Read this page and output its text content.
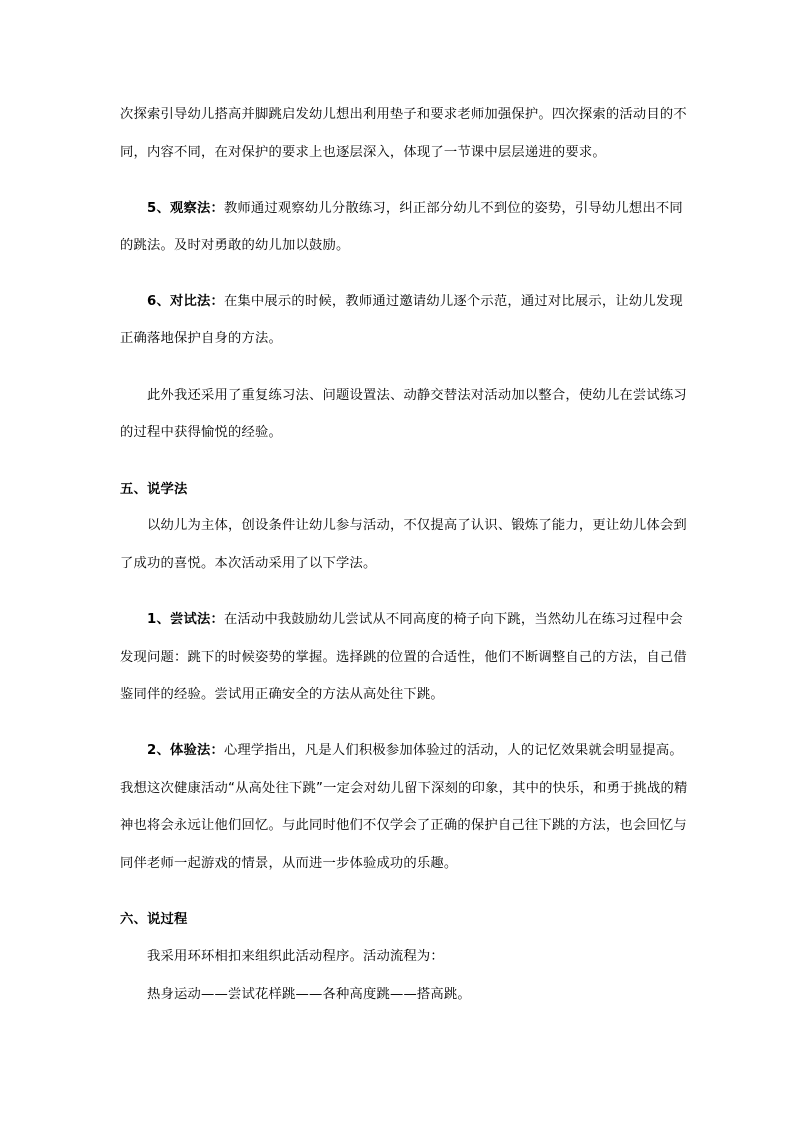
次探索引导幼儿搭高并脚跳启发幼儿想出利用垫子和要求老师加强保护。四次探索的活动目的不
同，内容不同，在对保护的要求上也逐层深入，体现了一节课中层层递进的要求。
5、观察法：教师通过观察幼儿分散练习，纠正部分幼儿不到位的姿势，引导幼儿想出不同
的跳法。及时对勇敢的幼儿加以鼓励。
6、对比法：在集中展示的时候，教师通过邀请幼儿逐个示范，通过对比展示，让幼儿发现
正确落地保护自身的方法。
此外我还采用了重复练习法、问题设置法、动静交替法对活动加以整合，使幼儿在尝试练习
的过程中获得愉悦的经验。
五、说学法
以幼儿为主体，创设条件让幼儿参与活动，不仅提高了认识、锻炼了能力，更让幼儿体会到
了成功的喜悦。本次活动采用了以下学法。
1、尝试法：在活动中我鼓励幼儿尝试从不同高度的椅子向下跳，当然幼儿在练习过程中会
发现问题：跳下的时候姿势的掌握。选择跳的位置的合适性，他们不断调整自己的方法，自己借
鉴同伴的经验。尝试用正确安全的方法从高处往下跳。
2、体验法：心理学指出，凡是人们积极参加体验过的活动，人的记忆效果就会明显提高。
我想这次健康活动“从高处往下跳”一定会对幼儿留下深刻的印象，其中的快乐，和勇于挑战的精
神也将会永远让他们回忆。与此同时他们不仅学会了正确的保护自己往下跳的方法，也会回忆与
同伴老师一起游戏的情景，从而进一步体验成功的乐趣。
六、说过程
我采用环环相扣来组织此活动程序。活动流程为：
热身运动——尝试花样跳——各种高度跳——搭高跳。
